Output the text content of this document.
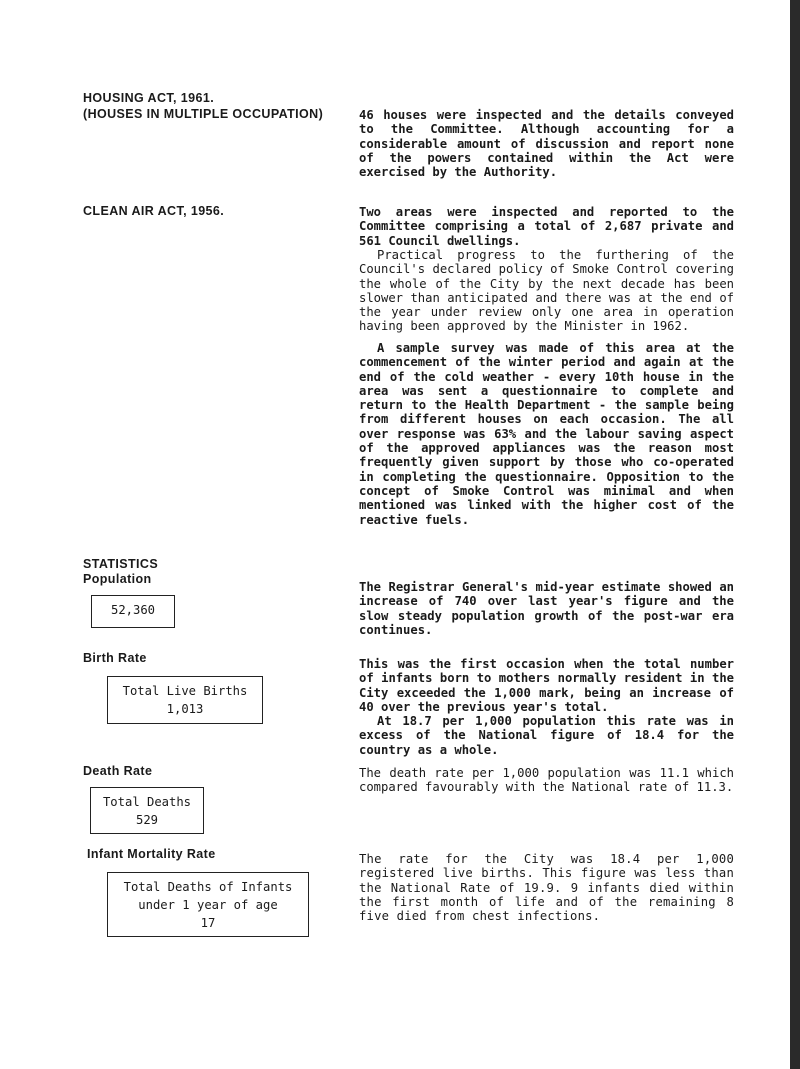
HOUSING ACT, 1961.
(HOUSES IN MULTIPLE OCCUPATION)	46 houses were inspected and the details conveyed to the Committee. Although accounting for a considerable amount of discussion and report none of the powers contained within the Act were exercised by the Authority.

CLEAN AIR ACT, 1956.	Two areas were inspected and reported to the Committee comprising a total of 2,687 private and 561 Council dwellings.

Practical progress to the furthering of the Council's declared policy of Smoke Control covering the whole of the City by the next decade has been slower than anticipated and there was at the end of the year under review only one area in operation having been approved by the Minister in 1962.

A sample survey was made of this area at the commencement of the winter period and again at the end of the cold weather - every 10th house in the area was sent a questionnaire to complete and return to the Health Department - the sample being from different houses on each occasion. The all over response was 63% and the labour saving aspect of the approved appliances was the reason most frequently given support by those who co-operated in completing the questionnaire. Opposition to the concept of Smoke Control was minimal and when mentioned was linked with the higher cost of the reactive fuels.

STATISTICS
Population
52,360

The Registrar General's mid-year estimate showed an increase of 740 over last year's figure and the slow steady population growth of the post-war era continues.

Birth Rate
Total Live Births
1,013

This was the first occasion when the total number of infants born to mothers normally resident in the City exceeded the 1,000 mark, being an increase of 40 over the previous year's total.

At 18.7 per 1,000 population this rate was in excess of the National figure of 18.4 for the country as a whole.

Death Rate
Total Deaths
529

The death rate per 1,000 population was 11.1 which compared favourably with the National rate of 11.3.

Infant Mortality Rate
Total Deaths of Infants
under 1 year of age
17

The rate for the City was 18.4 per 1,000 registered live births. This figure was less than the National Rate of 19.9. 9 infants died within the first month of life and of the remaining 8 five died from chest infections.
